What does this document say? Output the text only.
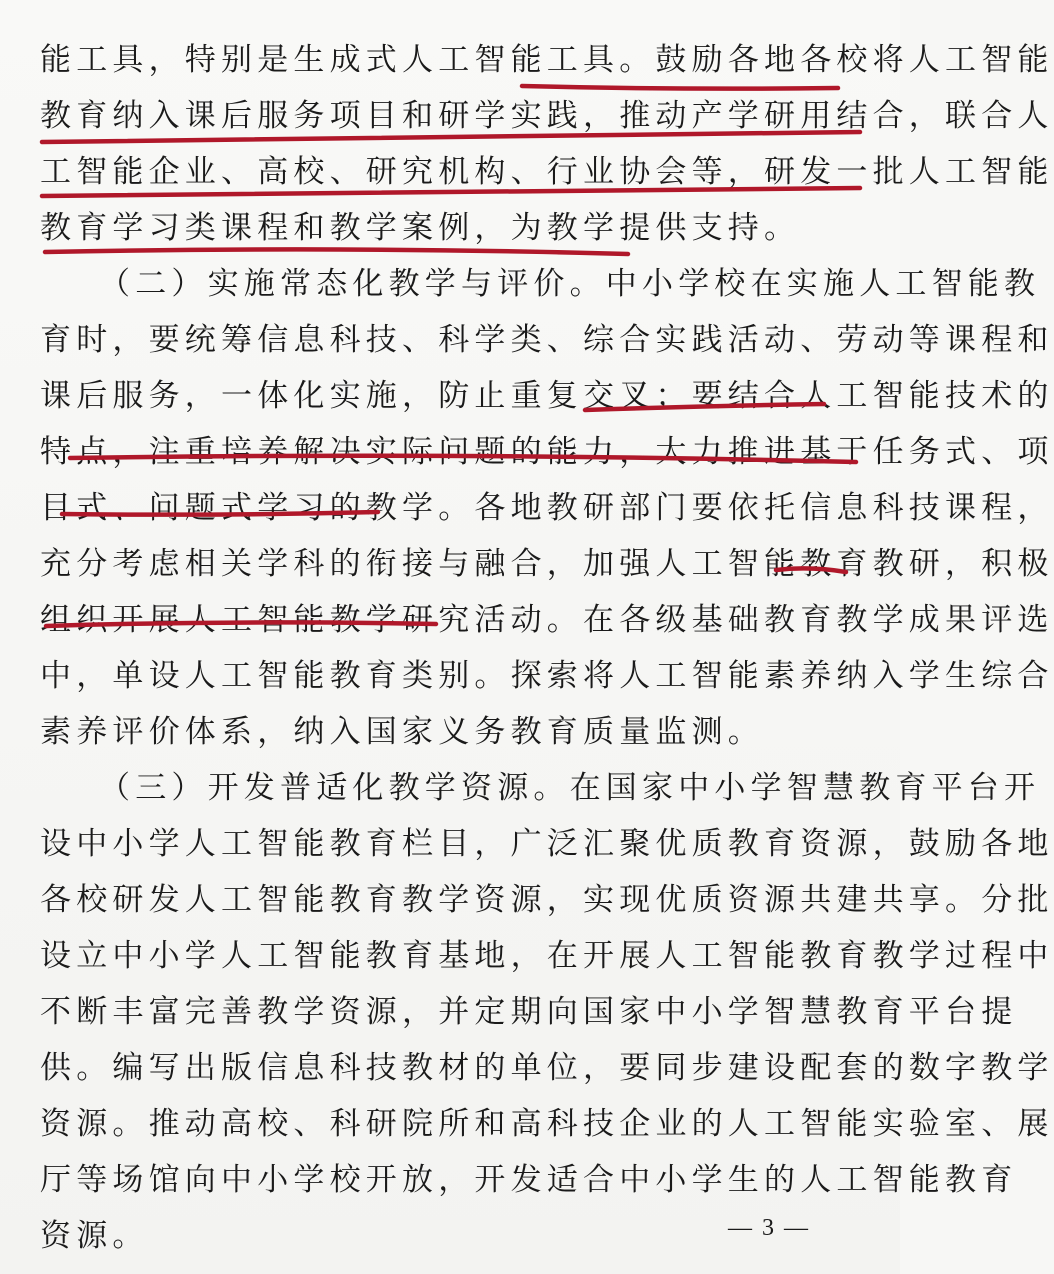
能工具，特别是生成式人工智能工具。鼓励各地各校将人工智能
教育纳入课后服务项目和研学实践，推动产学研用结合，联合人
工智能企业、高校、研究机构、行业协会等，研发一批人工智能
教育学习类课程和教学案例，为教学提供支持。
（二）实施常态化教学与评价。中小学校在实施人工智能教
育时，要统筹信息科技、科学类、综合实践活动、劳动等课程和
课后服务，一体化实施，防止重复交叉；要结合人工智能技术的
特点，注重培养解决实际问题的能力，大力推进基于任务式、项
目式、问题式学习的教学。各地教研部门要依托信息科技课程，
充分考虑相关学科的衔接与融合，加强人工智能教育教研，积极
组织开展人工智能教学研究活动。在各级基础教育教学成果评选
中，单设人工智能教育类别。探索将人工智能素养纳入学生综合
素养评价体系，纳入国家义务教育质量监测。
（三）开发普适化教学资源。在国家中小学智慧教育平台开
设中小学人工智能教育栏目，广泛汇聚优质教育资源，鼓励各地
各校研发人工智能教育教学资源，实现优质资源共建共享。分批
设立中小学人工智能教育基地，在开展人工智能教育教学过程中
不断丰富完善教学资源，并定期向国家中小学智慧教育平台提
供。编写出版信息科技教材的单位，要同步建设配套的数字教学
资源。推动高校、科研院所和高科技企业的人工智能实验室、展
厅等场馆向中小学校开放，开发适合中小学生的人工智能教育
资源。	— 3 —
